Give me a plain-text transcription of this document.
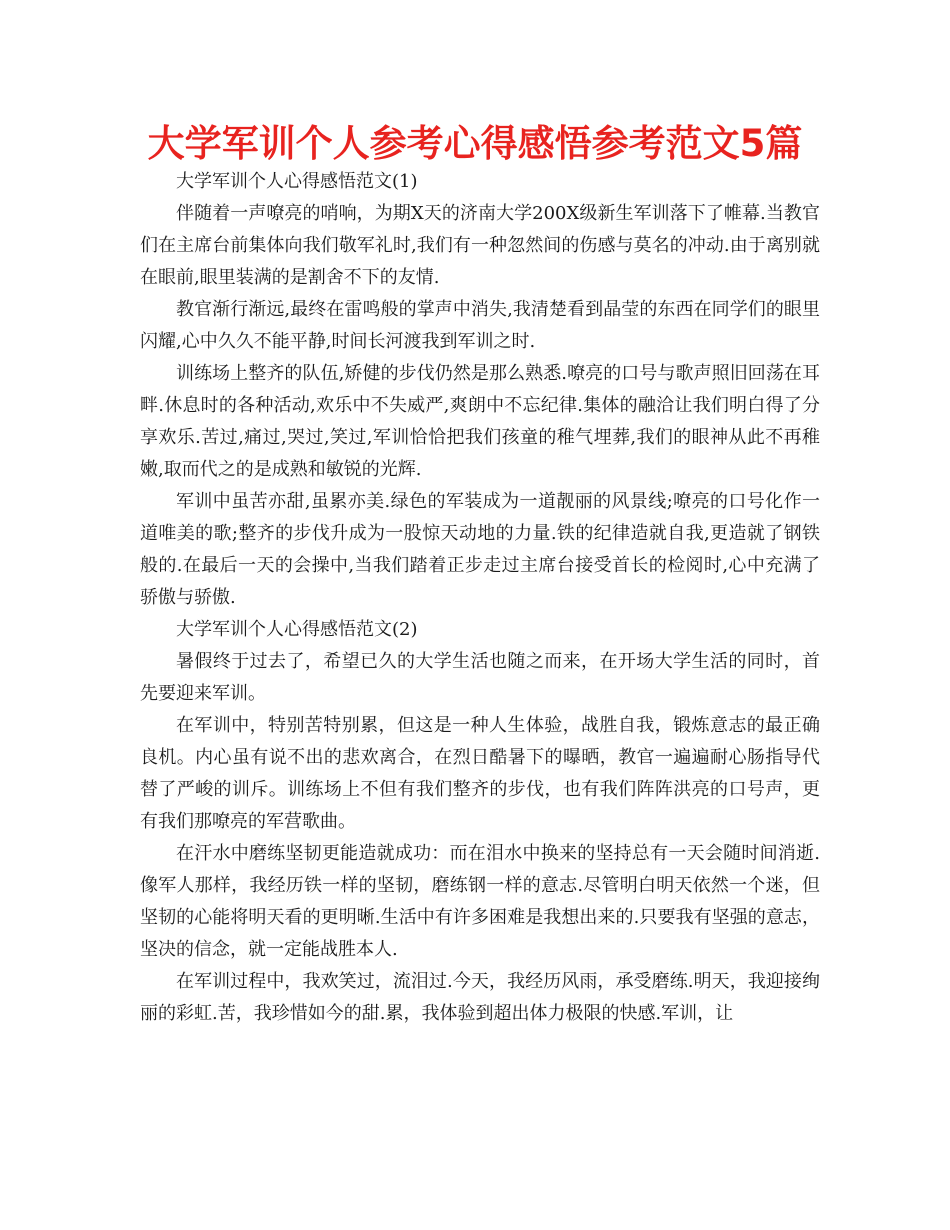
大学军训个人参考心得感悟参考范文5篇

大学军训个人心得感悟范文(1)

伴随着一声嘹亮的哨响，为期X天的济南大学200X级新生军训落下了帷幕.当教官们在主席台前集体向我们敬军礼时,我们有一种忽然间的伤感与莫名的冲动.由于离别就在眼前,眼里装满的是割舍不下的友情.

教官渐行渐远,最终在雷鸣般的掌声中消失,我清楚看到晶莹的东西在同学们的眼里闪耀,心中久久不能平静,时间长河渡我到军训之时.

训练场上整齐的队伍,矫健的步伐仍然是那么熟悉.嘹亮的口号与歌声照旧回荡在耳畔.休息时的各种活动,欢乐中不失威严,爽朗中不忘纪律.集体的融洽让我们明白得了分享欢乐.苦过,痛过,哭过,笑过,军训恰恰把我们孩童的稚气埋葬,我们的眼神从此不再稚嫩,取而代之的是成熟和敏锐的光辉.

军训中虽苦亦甜,虽累亦美.绿色的军装成为一道靓丽的风景线;嘹亮的口号化作一道唯美的歌;整齐的步伐升成为一股惊天动地的力量.铁的纪律造就自我,更造就了钢铁般的.在最后一天的会操中,当我们踏着正步走过主席台接受首长的检阅时,心中充满了骄傲与骄傲.

大学军训个人心得感悟范文(2)

暑假终于过去了，希望已久的大学生活也随之而来，在开场大学生活的同时，首先要迎来军训。

在军训中，特别苦特别累，但这是一种人生体验，战胜自我，锻炼意志的最正确良机。内心虽有说不出的悲欢离合，在烈日酷暑下的曝晒，教官一遍遍耐心肠指导代替了严峻的训斥。训练场上不但有我们整齐的步伐，也有我们阵阵洪亮的口号声，更有我们那嘹亮的军营歌曲。

在汗水中磨练坚韧更能造就成功：而在泪水中换来的坚持总有一天会随时间消逝.像军人那样，我经历铁一样的坚韧，磨练钢一样的意志.尽管明白明天依然一个迷，但坚韧的心能将明天看的更明晰.生活中有许多困难是我想出来的.只要我有坚强的意志，坚决的信念，就一定能战胜本人.

在军训过程中，我欢笑过，流泪过.今天，我经历风雨，承受磨练.明天，我迎接绚丽的彩虹.苦，我珍惜如今的甜.累，我体验到超出体力极限的快感.军训，让
